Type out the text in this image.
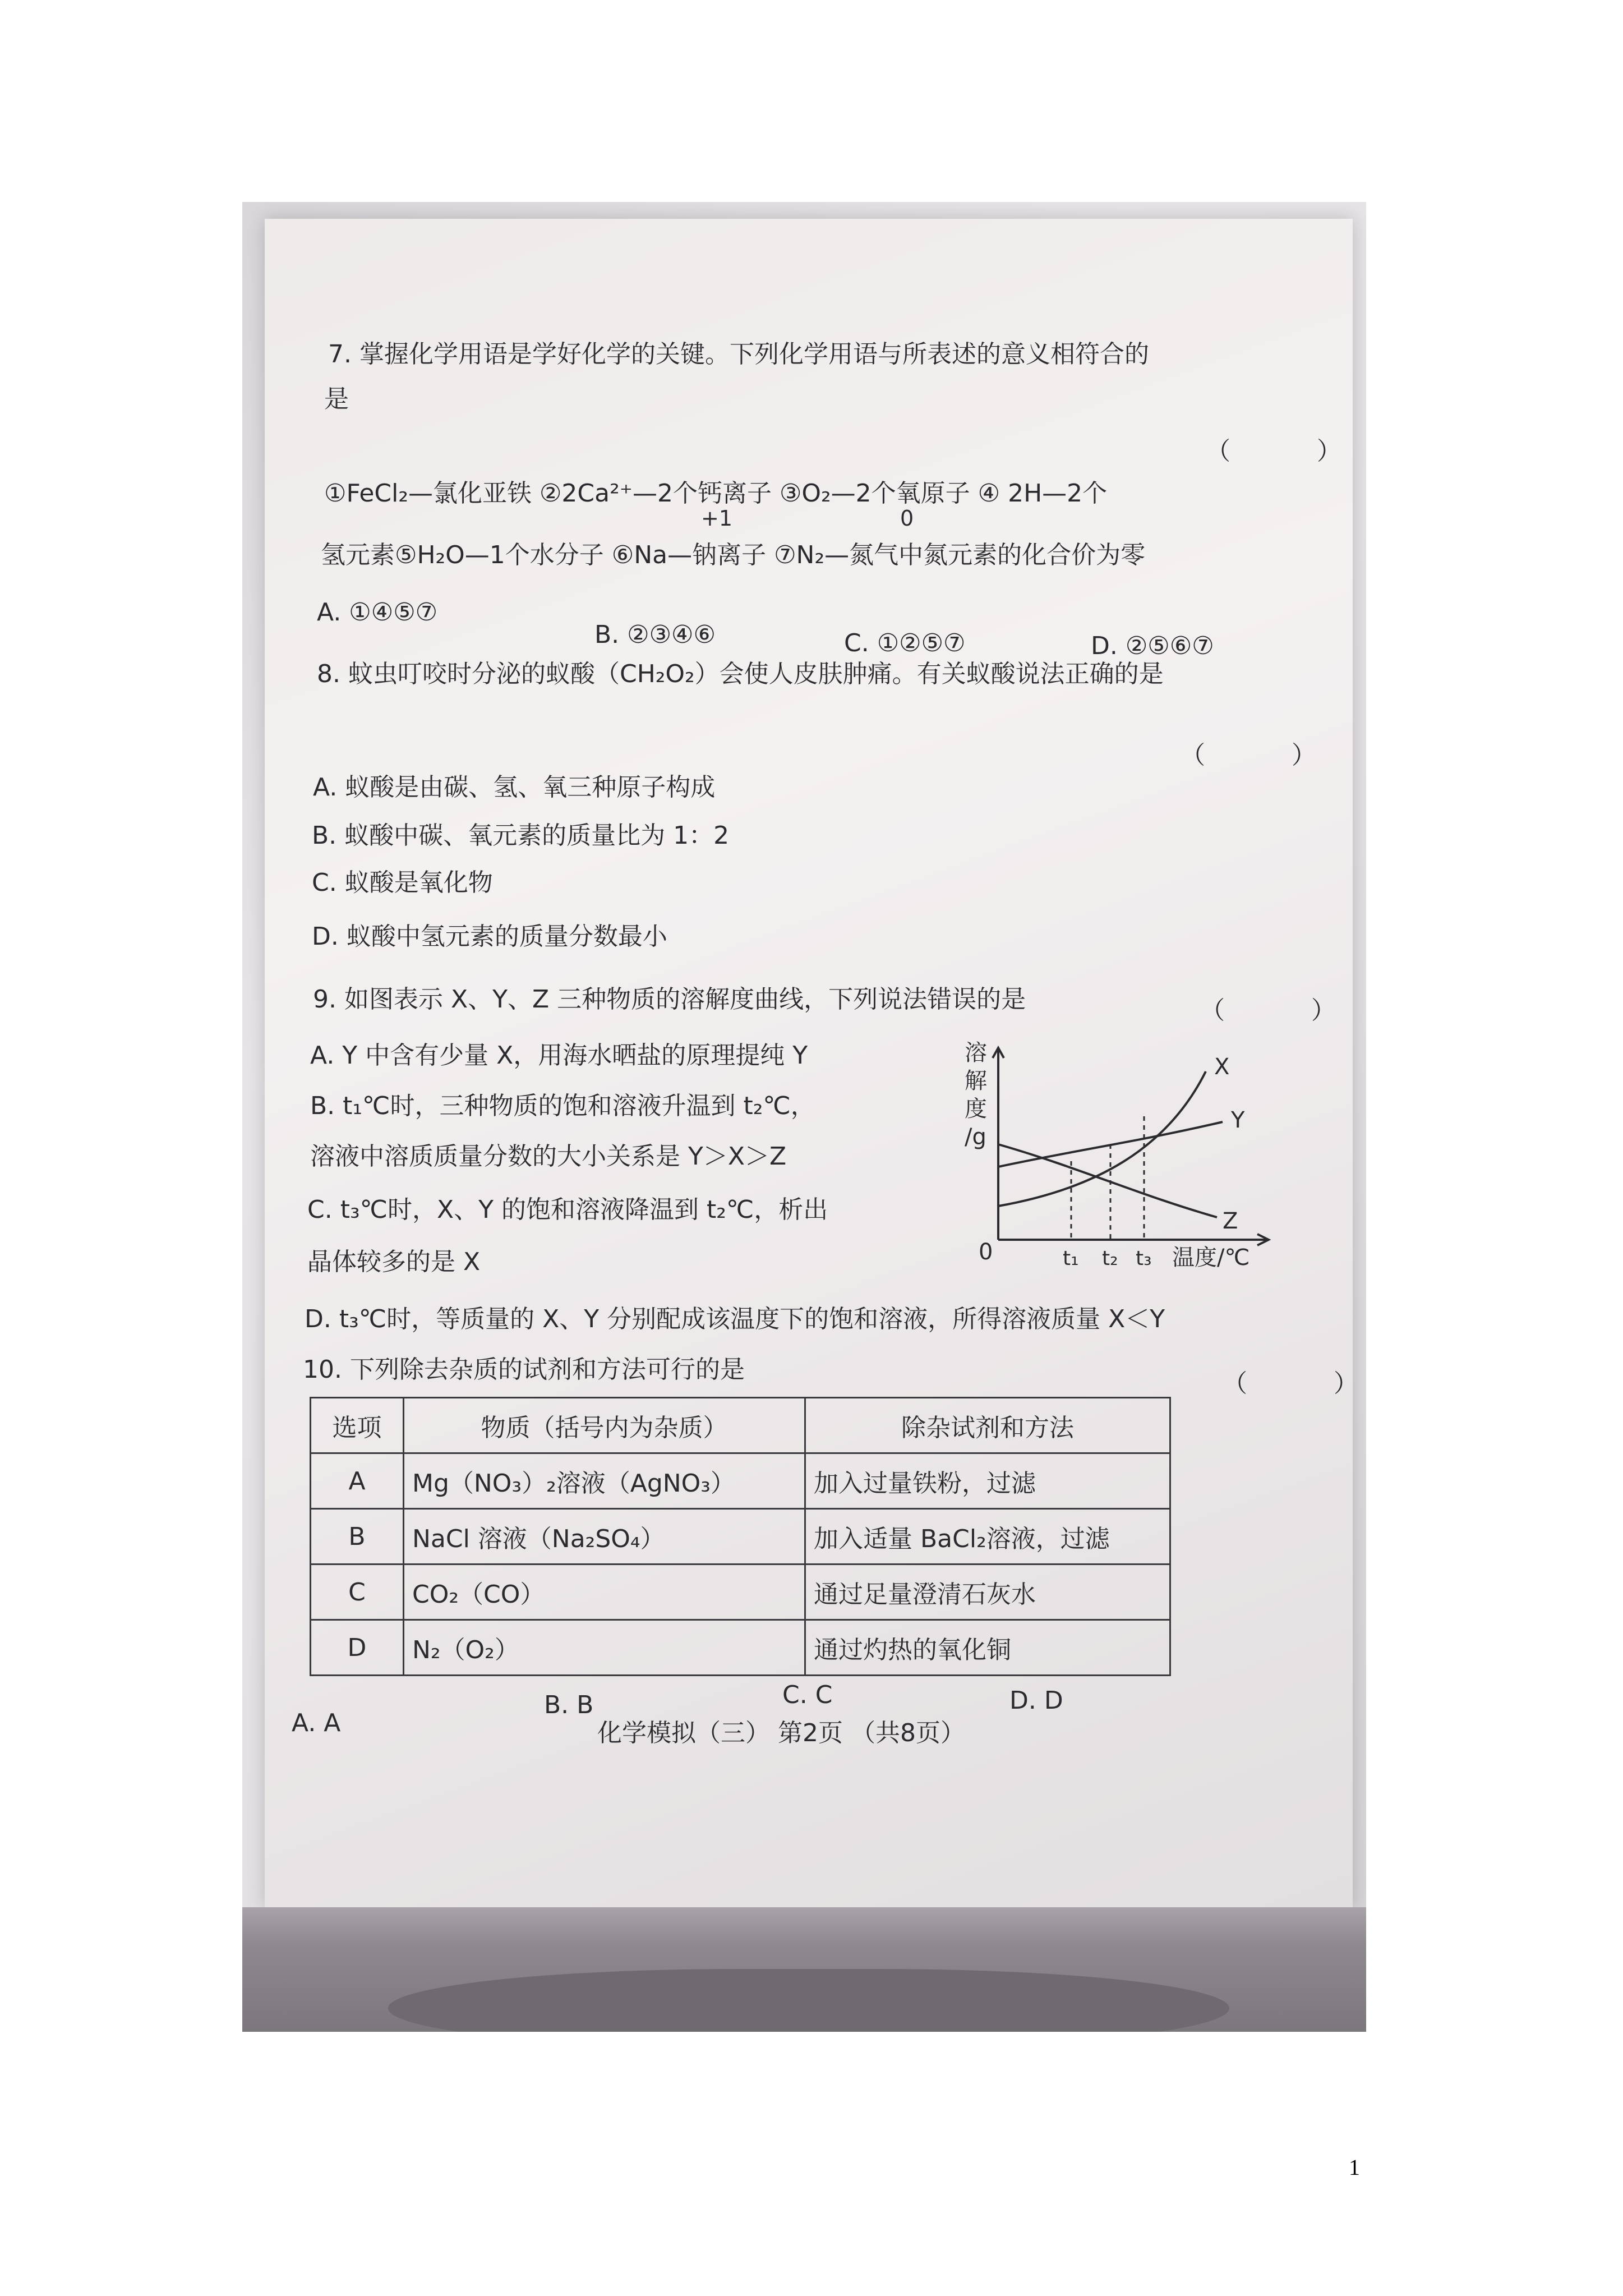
7. 掌握化学用语是学好化学的关键。下列化学用语与所表述的意义相符合的
是
（ ）
①FeCl₂—氯化亚铁 ②2Ca²⁺—2个钙离子 ③O₂—2个氧原子 ④ 2H—2个
+1	0
氢元素⑤H₂O—1个水分子 ⑥Na—钠离子 ⑦N₂—氮气中氮元素的化合价为零
A. ①④⑤⑦
B. ②③④⑥	C. ①②⑤⑦	D. ②⑤⑥⑦
8. 蚊虫叮咬时分泌的蚁酸（CH₂O₂）会使人皮肤肿痛。有关蚁酸说法正确的是
（ ）
A. 蚁酸是由碳、氢、氧三种原子构成
B. 蚁酸中碳、氧元素的质量比为 1：2
C. 蚁酸是氧化物
D. 蚁酸中氢元素的质量分数最小
9. 如图表示 X、Y、Z 三种物质的溶解度曲线，下列说法错误的是	（ ）
A. Y 中含有少量 X，用海水晒盐的原理提纯 Y
B. t₁℃时，三种物质的饱和溶液升温到 t₂℃，
溶液中溶质质量分数的大小关系是 Y＞X＞Z
C. t₃℃时，X、Y 的饱和溶液降温到 t₂℃，析出
晶体较多的是 X
D. t₃℃时，等质量的 X、Y 分别配成该温度下的饱和溶液，所得溶液质量 X＜Y
溶
解
度
/g
0	t₁ t₂ t₃ 温度/℃
X
Y
Z
10. 下列除去杂质的试剂和方法可行的是	（ ）
选项	物质（括号内为杂质）	除杂试剂和方法
A	Mg（NO₃）₂溶液（AgNO₃）	加入过量铁粉，过滤
B	NaCl 溶液（Na₂SO₄）	加入适量 BaCl₂溶液，过滤
C	CO₂（CO）	通过足量澄清石灰水
D	N₂（O₂）	通过灼热的氧化铜
A. A
B. B	C. C	D. D
化学模拟（三） 第2页 （共8页）
1
